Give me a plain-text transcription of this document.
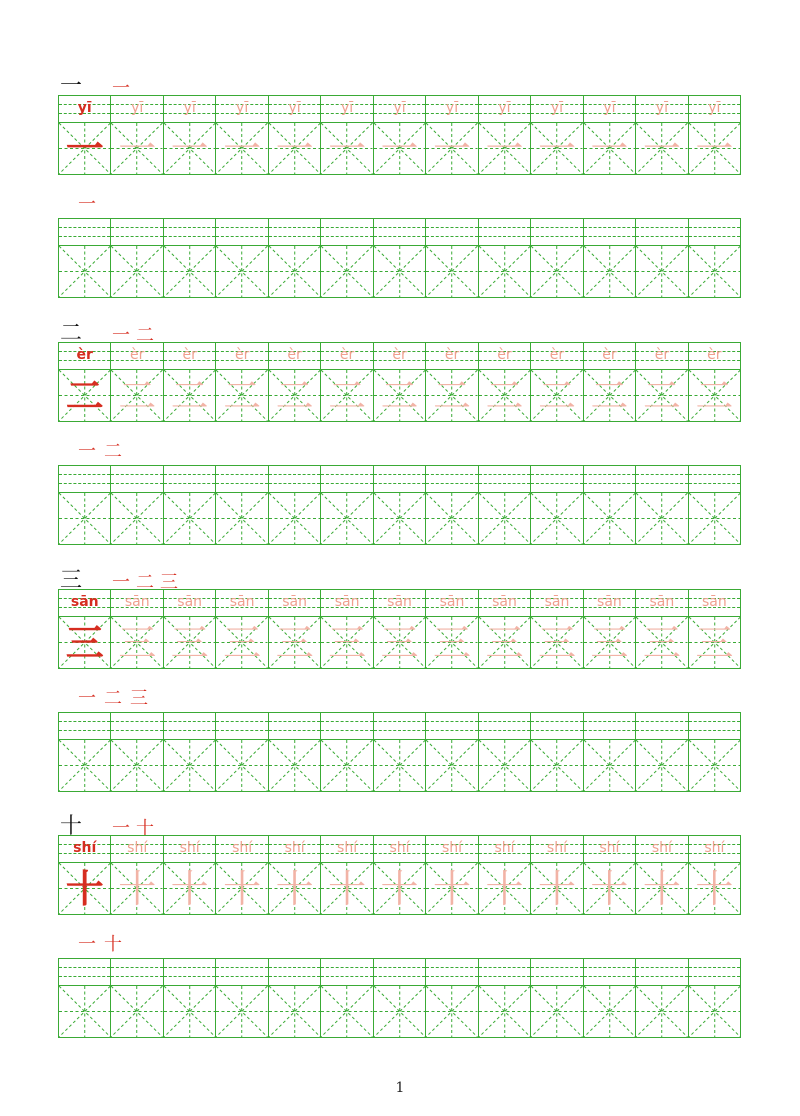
一 一
yī
一
yī
一
yī
一
yī
一
yī
一
yī
一
yī
一
yī
一
yī
一
yī
一
yī
一
yī
一
yī
一
一
二 一 二
èr
二
èr
二
èr
二
èr
二
èr
二
èr
二
èr
二
èr
二
èr
二
èr
二
èr
二
èr
二
èr
二
一 二
三 一 二 三
sān
三
sān
三
sān
三
sān
三
sān
三
sān
三
sān
三
sān
三
sān
三
sān
三
sān
三
sān
三
sān
三
一 二 三
十 一 十
shí
十
shí
十
shí
十
shí
十
shí
十
shí
十
shí
十
shí
十
shí
十
shí
十
shí
十
shí
十
shí
十
一 十
1
